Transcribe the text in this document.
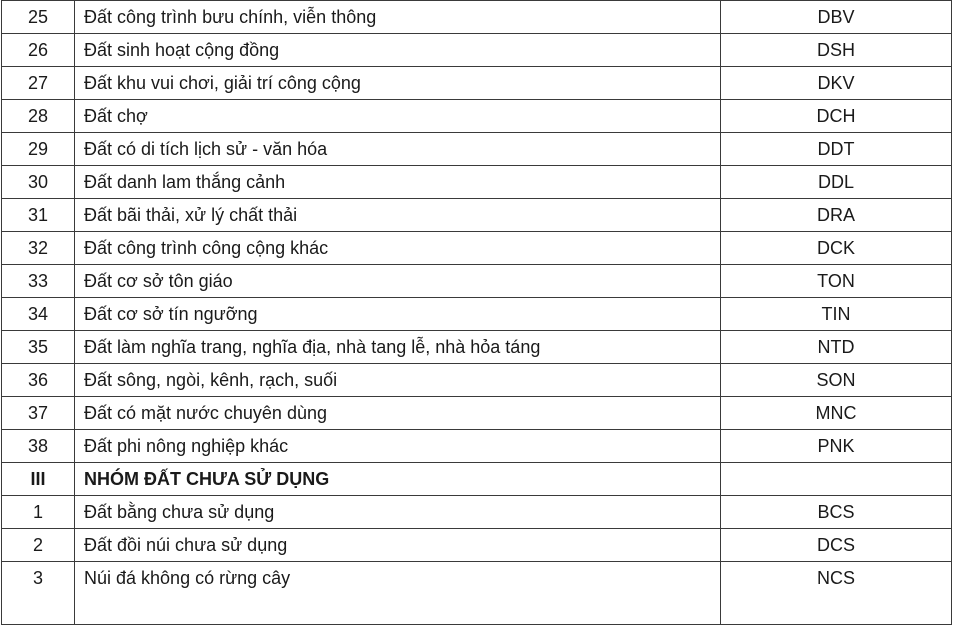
25	Đất công trình bưu chính, viễn thông	DBV
26	Đất sinh hoạt cộng đồng	DSH
27	Đất khu vui chơi, giải trí công cộng	DKV
28	Đất chợ	DCH
29	Đất có di tích lịch sử - văn hóa	DDT
30	Đất danh lam thắng cảnh	DDL
31	Đất bãi thải, xử lý chất thải	DRA
32	Đất công trình công cộng khác	DCK
33	Đất cơ sở tôn giáo	TON
34	Đất cơ sở tín ngưỡng	TIN
35	Đất làm nghĩa trang, nghĩa địa, nhà tang lễ, nhà hỏa táng	NTD
36	Đất sông, ngòi, kênh, rạch, suối	SON
37	Đất có mặt nước chuyên dùng	MNC
38	Đất phi nông nghiệp khác	PNK
III	NHÓM ĐẤT CHƯA SỬ DỤNG	
1	Đất bằng chưa sử dụng	BCS
2	Đất đồi núi chưa sử dụng	DCS
3	Núi đá không có rừng cây	NCS
